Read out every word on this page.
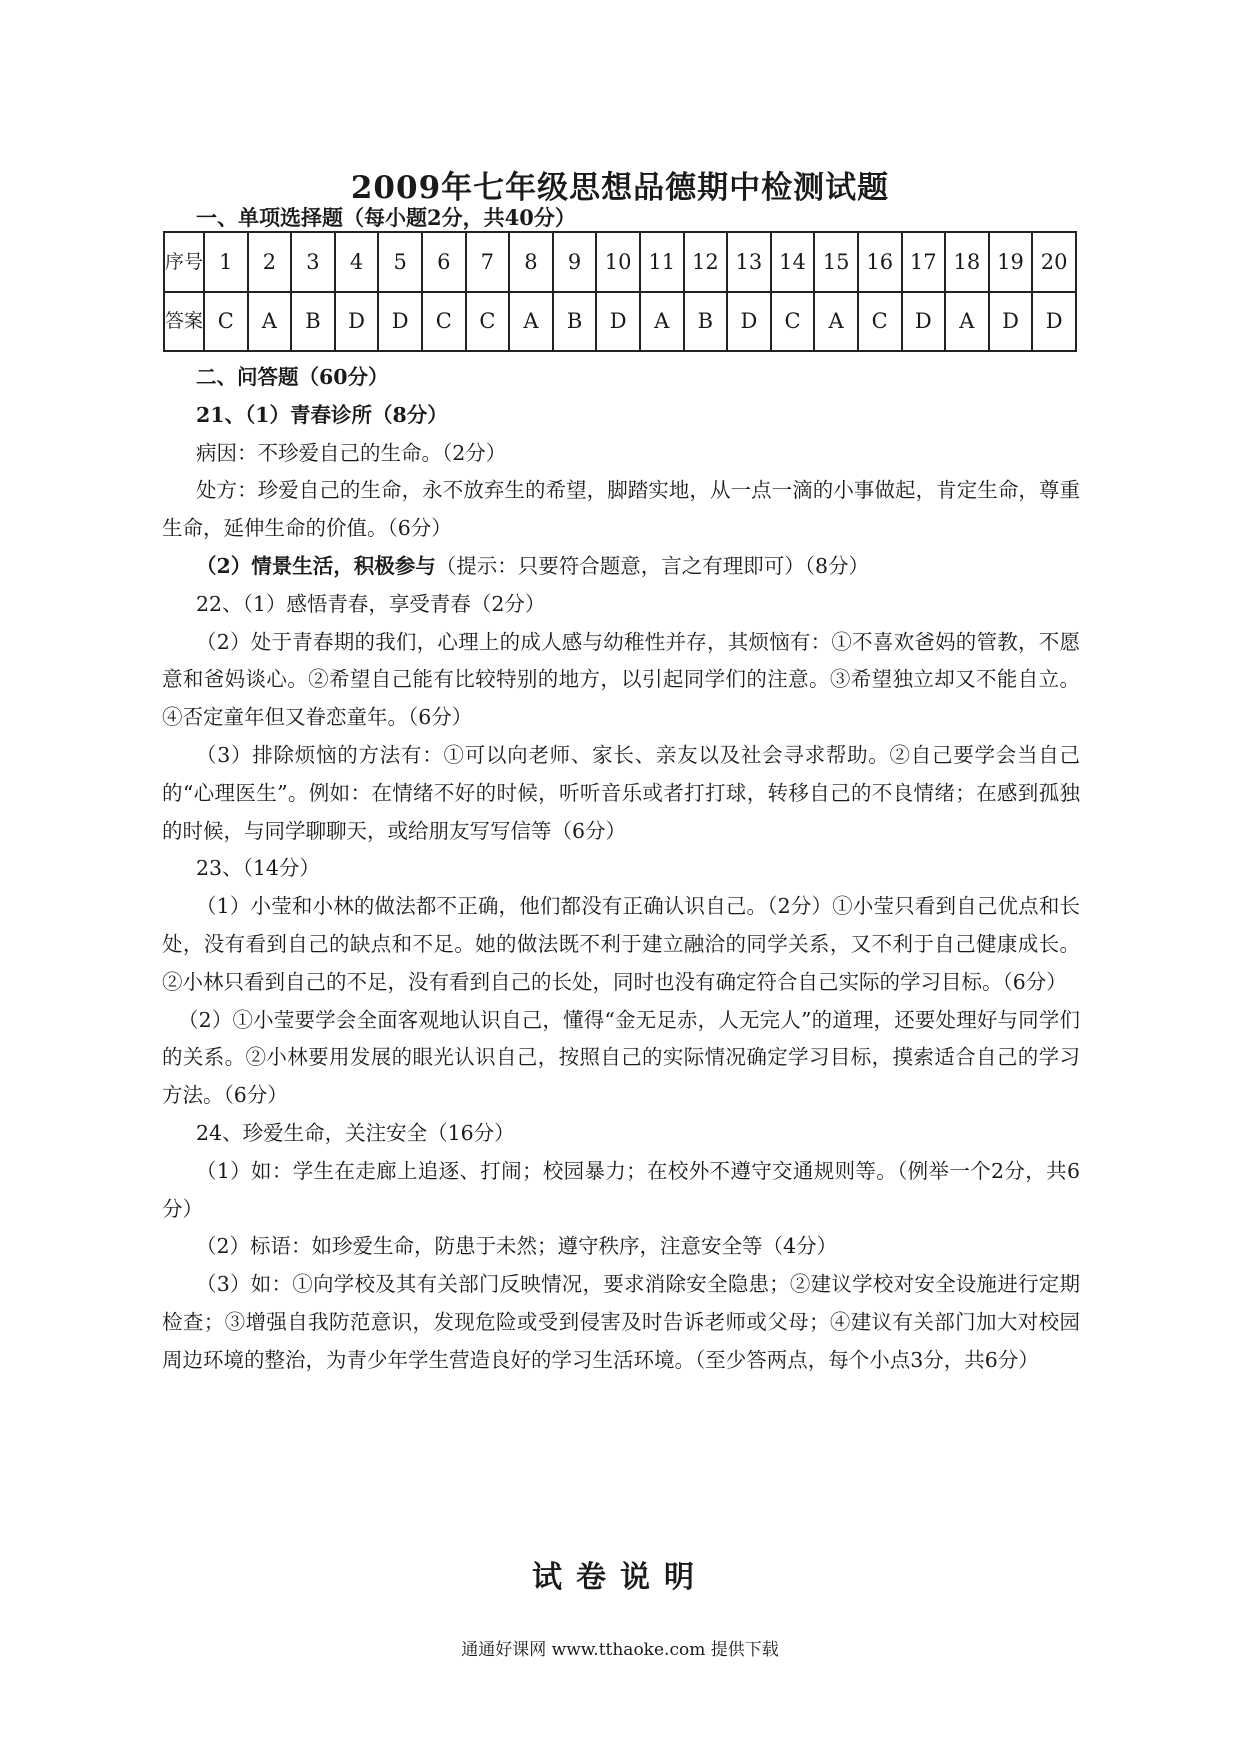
2009年七年级思想品德期中检测试题
一、单项选择题（每小题2分，共40分）
序号	1	2	3	4	5	6	7	8	9	10	11	12	13	14	15	16	17	18	19	20
答案	C	A	B	D	D	C	C	A	B	D	A	B	D	C	A	C	D	A	D	D

二、问答题（60分）

21、（1）青春诊所（8分）

病因：不珍爱自己的生命。（2分）

处方：珍爱自己的生命，永不放弃生的希望，脚踏实地，从一点一滴的小事做起，肯定生命，尊重生命，延伸生命的价值。（6分）

（2）情景生活，积极参与（提示：只要符合题意，言之有理即可）（8分）

22、（1）感悟青春，享受青春（2分）

（2）处于青春期的我们，心理上的成人感与幼稚性并存，其烦恼有：①不喜欢爸妈的管教，不愿意和爸妈谈心。②希望自己能有比较特别的地方，以引起同学们的注意。③希望独立却又不能自立。④否定童年但又眷恋童年。（6分）

（3）排除烦恼的方法有：①可以向老师、家长、亲友以及社会寻求帮助。②自己要学会当自己的“心理医生”。例如：在情绪不好的时候，听听音乐或者打打球，转移自己的不良情绪；在感到孤独的时候，与同学聊聊天，或给朋友写写信等（6分）

23、（14分）

（1）小莹和小林的做法都不正确，他们都没有正确认识自己。（2分）①小莹只看到自己优点和长处，没有看到自己的缺点和不足。她的做法既不利于建立融洽的同学关系，又不利于自己健康成长。②小林只看到自己的不足，没有看到自己的长处，同时也没有确定符合自己实际的学习目标。（6分）

（2）①小莹要学会全面客观地认识自己，懂得“金无足赤，人无完人”的道理，还要处理好与同学们的关系。②小林要用发展的眼光认识自己，按照自己的实际情况确定学习目标，摸索适合自己的学习方法。（6分）

24、珍爱生命，关注安全（16分）

（1）如：学生在走廊上追逐、打闹；校园暴力；在校外不遵守交通规则等。（例举一个2分，共6分）

（2）标语：如珍爱生命，防患于未然；遵守秩序，注意安全等（4分）

（3）如：①向学校及其有关部门反映情况，要求消除安全隐患；②建议学校对安全设施进行定期检查；③增强自我防范意识，发现危险或受到侵害及时告诉老师或父母；④建议有关部门加大对校园周边环境的整治，为青少年学生营造良好的学习生活环境。（至少答两点，每个小点3分，共6分）

试卷说明
通通好课网 www.tthaoke.com 提供下载
